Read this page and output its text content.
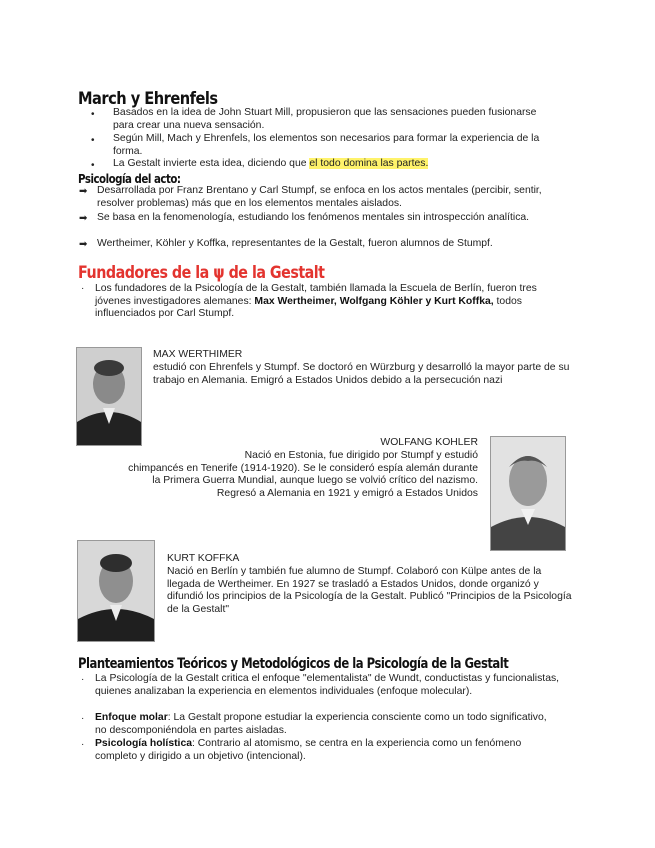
March y Ehrenfels
• Basados en la idea de John Stuart Mill, propusieron que las sensaciones pueden fusionarse para crear una nueva sensación.
• Según Mill, Mach y Ehrenfels, los elementos son necesarios para formar la experiencia de la forma.
• La Gestalt invierte esta idea, diciendo que el todo domina las partes.
Psicología del acto:
➡ Desarrollada por Franz Brentano y Carl Stumpf, se enfoca en los actos mentales (percibir, sentir, resolver problemas) más que en los elementos mentales aislados.
➡ Se basa en la fenomenología, estudiando los fenómenos mentales sin introspección analítica.
➡ Wertheimer, Köhler y Koffka, representantes de la Gestalt, fueron alumnos de Stumpf.
Fundadores de la ψ de la Gestalt
· Los fundadores de la Psicología de la Gestalt, también llamada la Escuela de Berlín, fueron tres jóvenes investigadores alemanes: Max Wertheimer, Wolfgang Köhler y Kurt Koffka, todos influenciados por Carl Stumpf.
MAX WERTHIMER
estudió con Ehrenfels y Stumpf. Se doctoró en Würzburg y desarrolló la mayor parte de su trabajo en Alemania. Emigró a Estados Unidos debido a la persecución nazi
WOLFANG KOHLER
Nació en Estonia, fue dirigido por Stumpf y estudió
chimpancés en Tenerife (1914-1920). Se le consideró espía alemán durante
la Primera Guerra Mundial, aunque luego se volvió crítico del nazismo.
Regresó a Alemania en 1921 y emigró a Estados Unidos
KURT KOFFKA
Nació en Berlín y también fue alumno de Stumpf. Colaboró con Külpe antes de la llegada de Wertheimer. En 1927 se trasladó a Estados Unidos, donde organizó y difundió los principios de la Psicología de la Gestalt. Publicó "Principios de la Psicología de la Gestalt"
Planteamientos Teóricos y Metodológicos de la Psicología de la Gestalt
· La Psicología de la Gestalt critica el enfoque "elementalista" de Wundt, conductistas y funcionalistas, quienes analizaban la experiencia en elementos individuales (enfoque molecular).
· Enfoque molar: La Gestalt propone estudiar la experiencia consciente como un todo significativo, no descomponiéndola en partes aisladas.
· Psicología holística: Contrario al atomismo, se centra en la experiencia como un fenómeno completo y dirigido a un objetivo (intencional).
